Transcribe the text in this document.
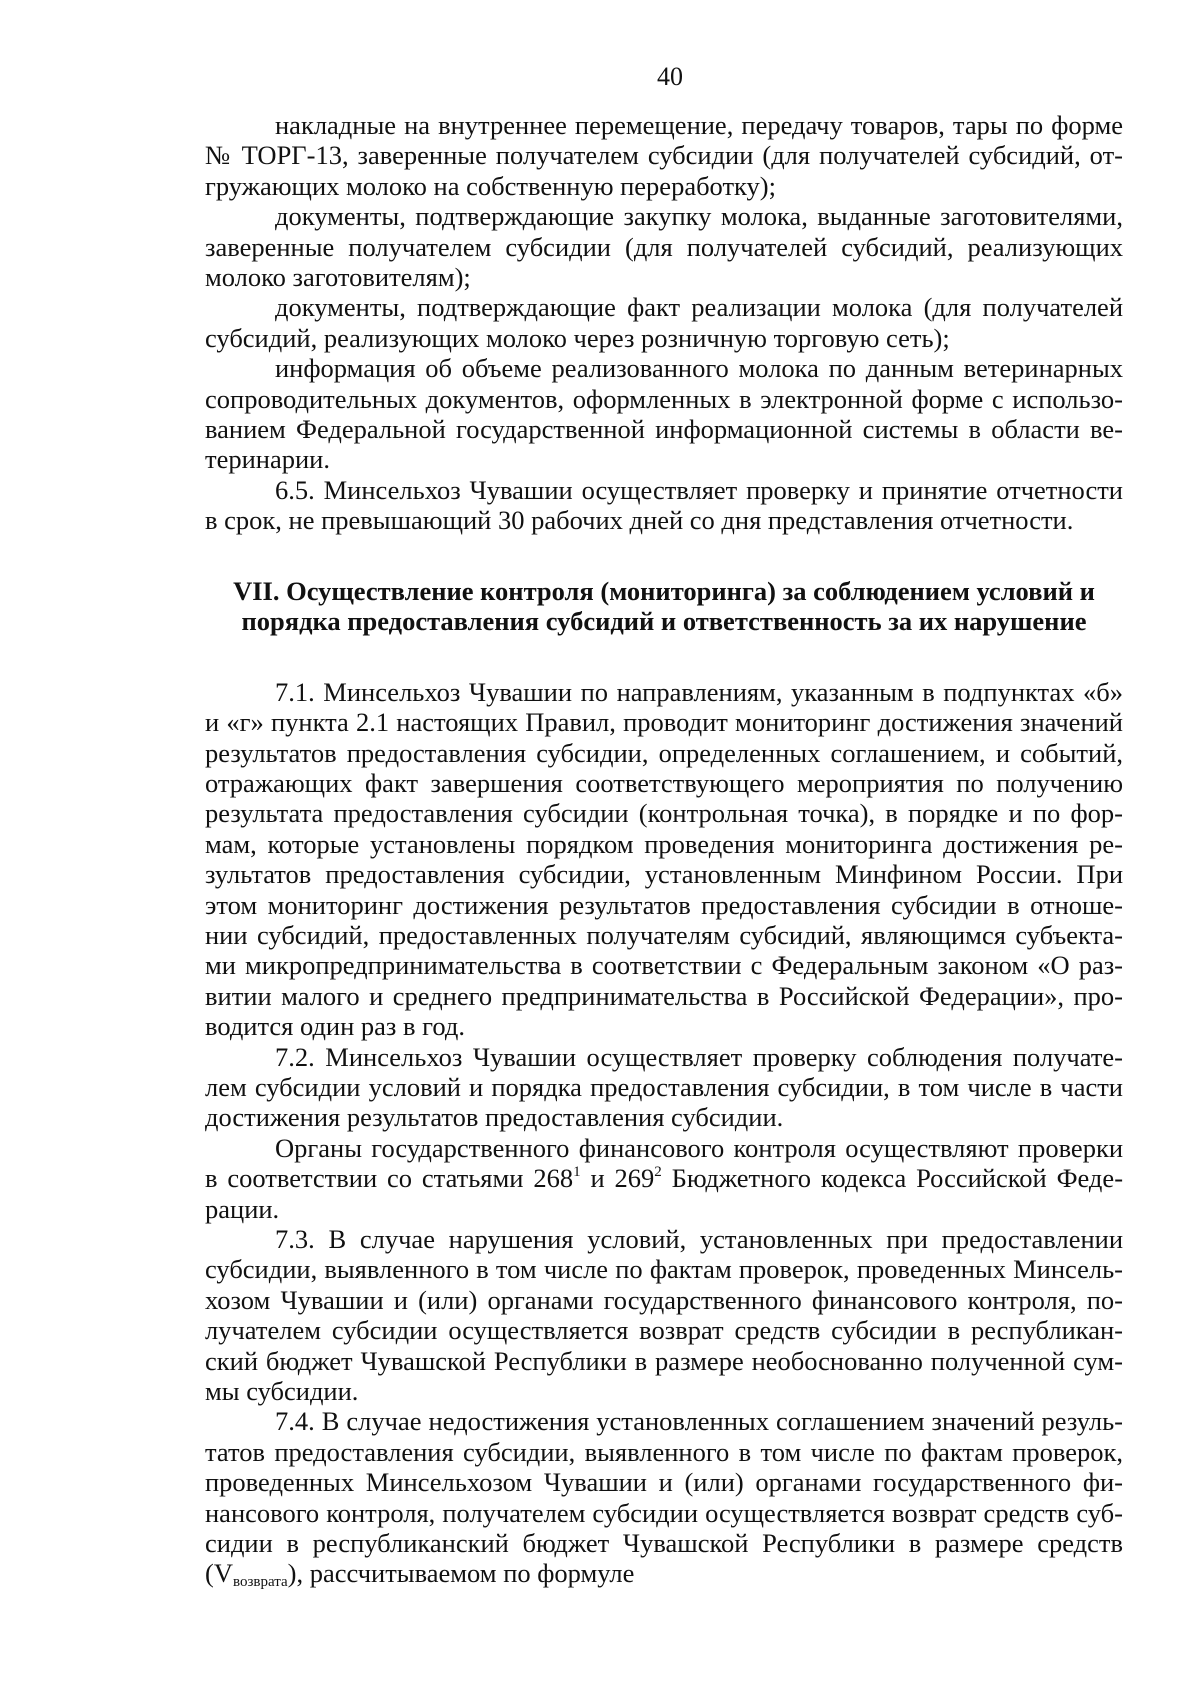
40

накладные на внутреннее перемещение, передачу товаров, тары по форме № ТОРГ-13, заверенные получателем субсидии (для получателей субсидий, отгружающих молоко на собственную переработку);

документы, подтверждающие закупку молока, выданные заготовителями, заверенные получателем субсидии (для получателей субсидий, реализующих молоко заготовителям);

документы, подтверждающие факт реализации молока (для получателей субсидий, реализующих молоко через розничную торговую сеть);

информация об объеме реализованного молока по данным ветеринарных сопроводительных документов, оформленных в электронной форме с использованием Федеральной государственной информационной системы в области ветеринарии.

6.5. Минсельхоз Чувашии осуществляет проверку и принятие отчетности в срок, не превышающий 30 рабочих дней со дня представления отчетности.

VII. Осуществление контроля (мониторинга) за соблюдением условий и
порядка предоставления субсидий и ответственность за их нарушение

7.1. Минсельхоз Чувашии по направлениям, указанным в подпунктах «б» и «г» пункта 2.1 настоящих Правил, проводит мониторинг достижения значений результатов предоставления субсидии, определенных соглашением, и событий, отражающих факт завершения соответствующего мероприятия по получению результата предоставления субсидии (контрольная точка), в порядке и по формам, которые установлены порядком проведения мониторинга достижения результатов предоставления субсидии, установленным Минфином России. При этом мониторинг достижения результатов предоставления субсидии в отношении субсидий, предоставленных получателям субсидий, являющимся субъектами микропредпринимательства в соответствии с Федеральным законом «О развитии малого и среднего предпринимательства в Российской Федерации», проводится один раз в год.

7.2. Минсельхоз Чувашии осуществляет проверку соблюдения получателем субсидии условий и порядка предоставления субсидии, в том числе в части достижения результатов предоставления субсидии.

Органы государственного финансового контроля осуществляют проверки в соответствии со статьями $268^1$ и $269^2$ Бюджетного кодекса Российской Федерации.

7.3. В случае нарушения условий, установленных при предоставлении субсидии, выявленного в том числе по фактам проверок, проведенных Минсельхозом Чувашии и (или) органами государственного финансового контроля, получателем субсидии осуществляется возврат средств субсидии в республиканский бюджет Чувашской Республики в размере необоснованно полученной суммы субсидии.

7.4. В случае недостижения установленных соглашением значений результатов предоставления субсидии, выявленного в том числе по фактам проверок, проведенных Минсельхозом Чувашии и (или) органами государственного финансового контроля, получателем субсидии осуществляется возврат средств субсидии в республиканский бюджет Чувашской Республики в размере средств $(V_{возврата})$, рассчитываемом по формуле
